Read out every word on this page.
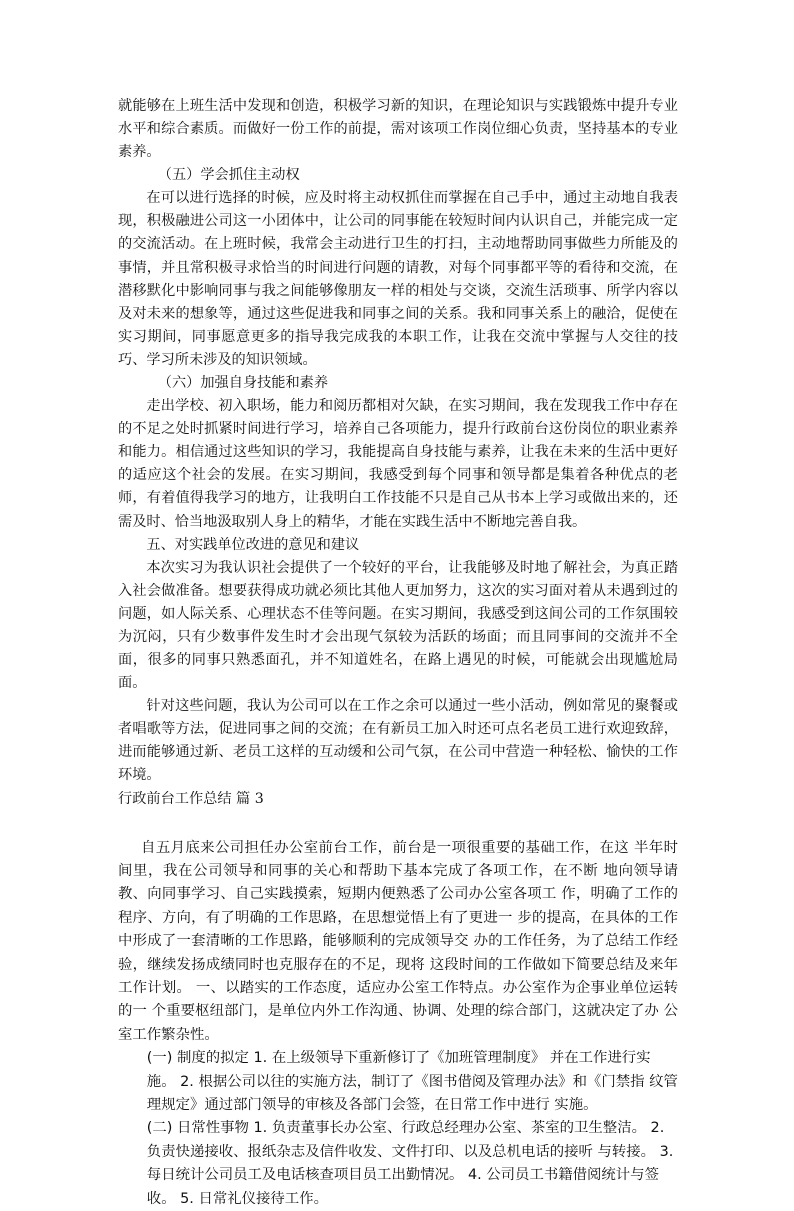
就能够在上班生活中发现和创造，积极学习新的知识，在理论知识与实践锻炼中提升专业水平和综合素质。而做好一份工作的前提，需对该项工作岗位细心负责，坚持基本的专业素养。

（五）学会抓住主动权

在可以进行选择的时候，应及时将主动权抓住而掌握在自己手中，通过主动地自我表现，积极融进公司这一小团体中，让公司的同事能在较短时间内认识自己，并能完成一定的交流活动。在上班时候，我常会主动进行卫生的打扫，主动地帮助同事做些力所能及的事情，并且常积极寻求恰当的时间进行问题的请教，对每个同事都平等的看待和交流，在潜移默化中影响同事与我之间能够像朋友一样的相处与交谈，交流生活琐事、所学内容以及对未来的想象等，通过这些促进我和同事之间的关系。我和同事关系上的融洽，促使在实习期间，同事愿意更多的指导我完成我的本职工作，让我在交流中掌握与人交往的技巧、学习所未涉及的知识领域。

（六）加强自身技能和素养

走出学校、初入职场，能力和阅历都相对欠缺，在实习期间，我在发现我工作中存在的不足之处时抓紧时间进行学习，培养自己各项能力，提升行政前台这份岗位的职业素养和能力。相信通过这些知识的学习，我能提高自身技能与素养，让我在未来的生活中更好的适应这个社会的发展。在实习期间，我感受到每个同事和领导都是集着各种优点的老师，有着值得我学习的地方，让我明白工作技能不只是自己从书本上学习或做出来的，还需及时、恰当地汲取别人身上的精华，才能在实践生活中不断地完善自我。

五、对实践单位改进的意见和建议

本次实习为我认识社会提供了一个较好的平台，让我能够及时地了解社会，为真正踏入社会做准备。想要获得成功就必须比其他人更加努力，这次的实习面对着从未遇到过的问题，如人际关系、心理状态不佳等问题。在实习期间，我感受到这间公司的工作氛围较为沉闷，只有少数事件发生时才会出现气氛较为活跃的场面；而且同事间的交流并不全面，很多的同事只熟悉面孔，并不知道姓名，在路上遇见的时候，可能就会出现尴尬局面。

针对这些问题，我认为公司可以在工作之余可以通过一些小活动，例如常见的聚餐或者唱歌等方法，促进同事之间的交流；在有新员工加入时还可点名老员工进行欢迎致辞，进而能够通过新、老员工这样的互动缓和公司气氛，在公司中营造一种轻松、愉快的工作环境。

行政前台工作总结 篇 3

自五月底来公司担任办公室前台工作，前台是一项很重要的基础工作，在这 半年时间里，我在公司领导和同事的关心和帮助下基本完成了各项工作，在不断 地向领导请教、向同事学习、自己实践摸索，短期内便熟悉了公司办公室各项工 作，明确了工作的程序、方向，有了明确的工作思路，在思想觉悟上有了更进一 步的提高，在具体的工作中形成了一套清晰的工作思路，能够顺利的完成领导交 办的工作任务，为了总结工作经验，继续发扬成绩同时也克服存在的不足，现将 这段时间的工作做如下简要总结及来年工作计划。 一、以踏实的工作态度，适应办公室工作特点。办公室作为企事业单位运转的一 个重要枢纽部门，是单位内外工作沟通、协调、处理的综合部门，这就决定了办 公室工作繁杂性。

(一) 制度的拟定 1. 在上级领导下重新修订了《加班管理制度》 并在工作进行实施。 2. 根据公司以往的实施方法，制订了《图书借阅及管理办法》和《门禁指 纹管理规定》通过部门领导的审核及各部门会签，在日常工作中进行 实施。

(二) 日常性事物 1. 负责董事长办公室、行政总经理办公室、茶室的卫生整洁。 2. 负责快递接收、报纸杂志及信件收发、文件打印、以及总机电话的接听 与转接。 3. 每日统计公司员工及电话核查项目员工出勤情况。 4. 公司员工书籍借阅统计与签收。 5. 日常礼仪接待工作。
